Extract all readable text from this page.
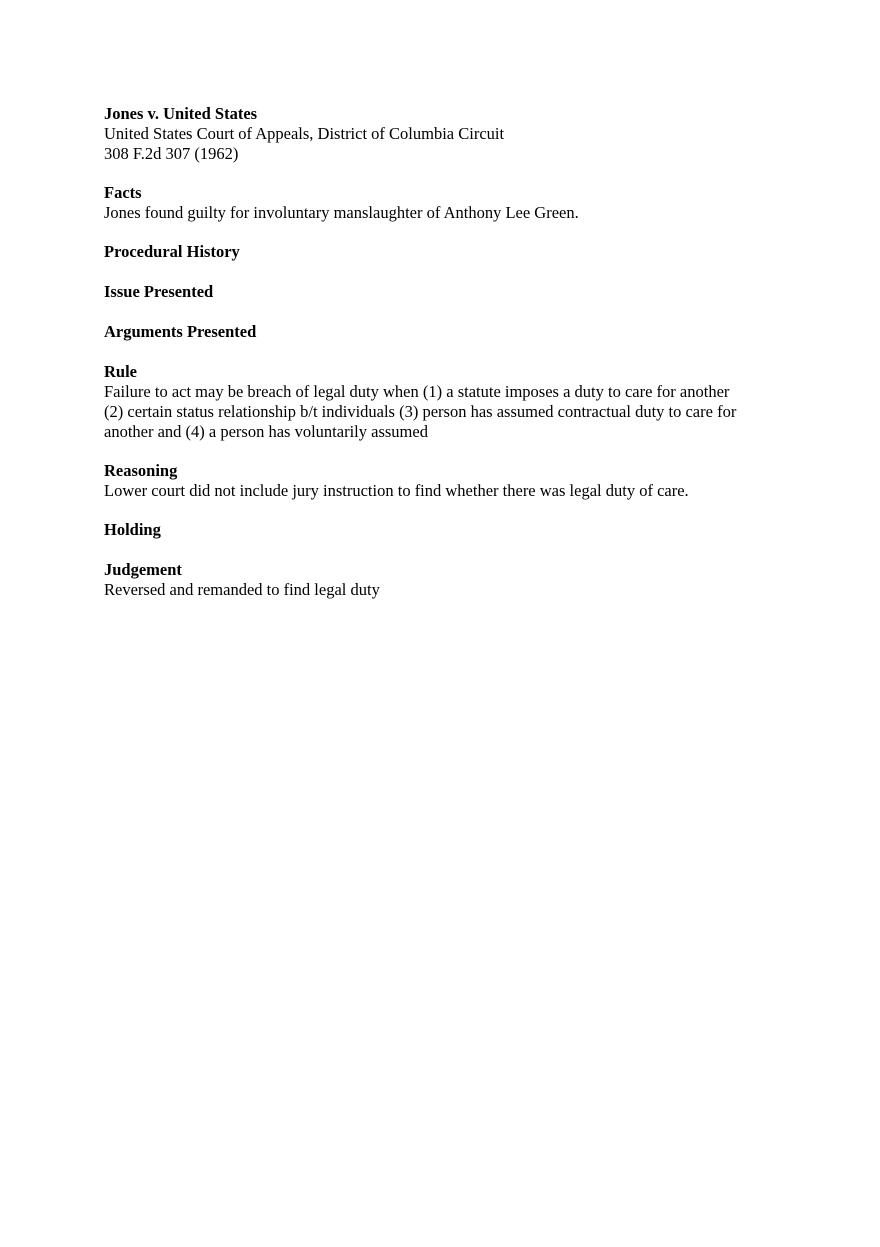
Jones v. United States
United States Court of Appeals, District of Columbia Circuit
308 F.2d 307 (1962)
Facts
Jones found guilty for involuntary manslaughter of Anthony Lee Green.
Procedural History
Issue Presented
Arguments Presented
Rule
Failure to act may be breach of legal duty when (1) a statute imposes a duty to care for another
(2) certain status relationship b/t individuals (3) person has assumed contractual duty to care for
another and (4) a person has voluntarily assumed
Reasoning
Lower court did not include jury instruction to find whether there was legal duty of care.
Holding
Judgement
Reversed and remanded to find legal duty
